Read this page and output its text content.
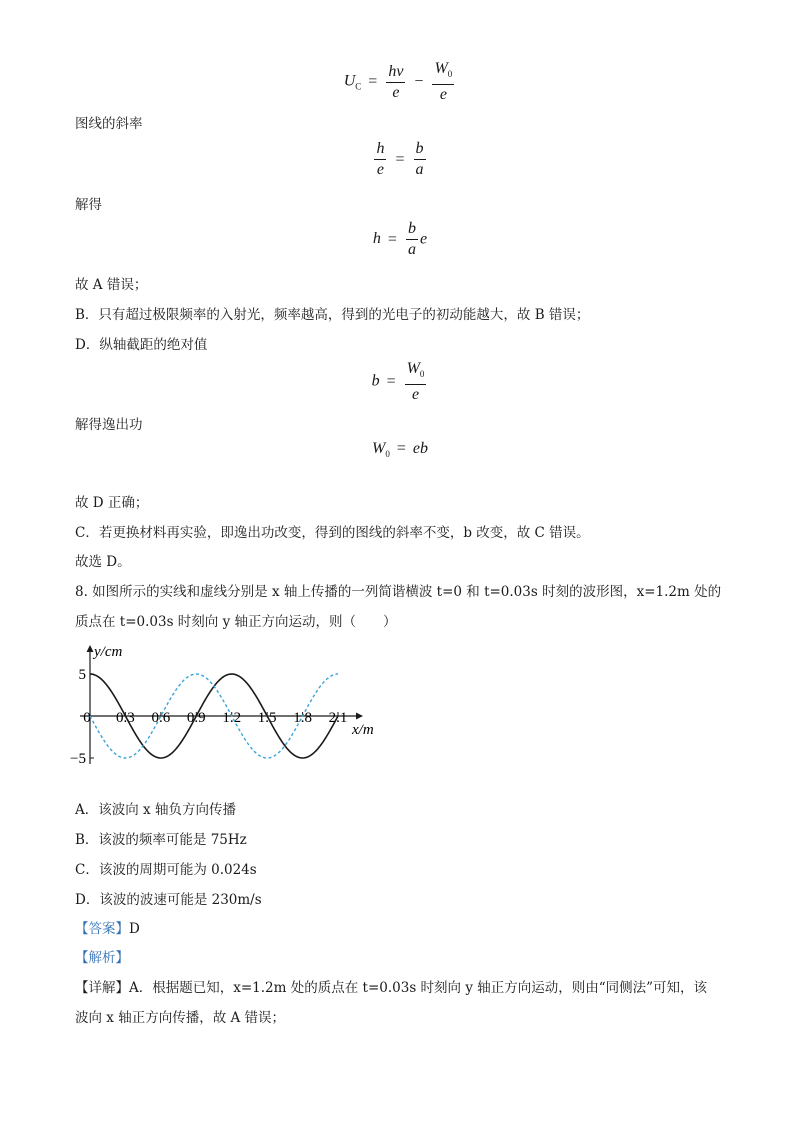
$U_C = \frac{h\nu}{e} - \frac{W_0}{e}$
图线的斜率
$\frac{h}{e} = \frac{b}{a}$
解得
$h = \frac{b}{a}$ e
故 A 错误；
B．只有超过极限频率的入射光，频率越高，得到的光电子的初动能越大，故 B 错误；
D．纵轴截距的绝对值
$b = \frac{W_0}{e}$
解得逸出功
$W_0$ = eb
故 D 正确；
C．若更换材料再实验，即逸出功改变，得到的图线的斜率不变，b 改变，故 C 错误。
故选 D。
8. 如图所示的实线和虚线分别是 x 轴上传播的一列简谐横波 t=0 和 t=0.03s 时刻的波形图，x=1.2m 处的
质点在 t=0.03s 时刻向 y 轴正方向运动，则（　　）
0 0.3 0.6 0.9 1.2 1.5 1.8 2.1
5
−5
y/cm
x/m
A．该波向 x 轴负方向传播
B．该波的频率可能是 75Hz
C．该波的周期可能为 0.024s
D．该波的波速可能是 230m/s
【答案】D
【解析】
【详解】A．根据题已知，x=1.2m 处的质点在 t=0.03s 时刻向 y 轴正方向运动，则由“同侧法”可知，该
波向 x 轴正方向传播，故 A 错误；
